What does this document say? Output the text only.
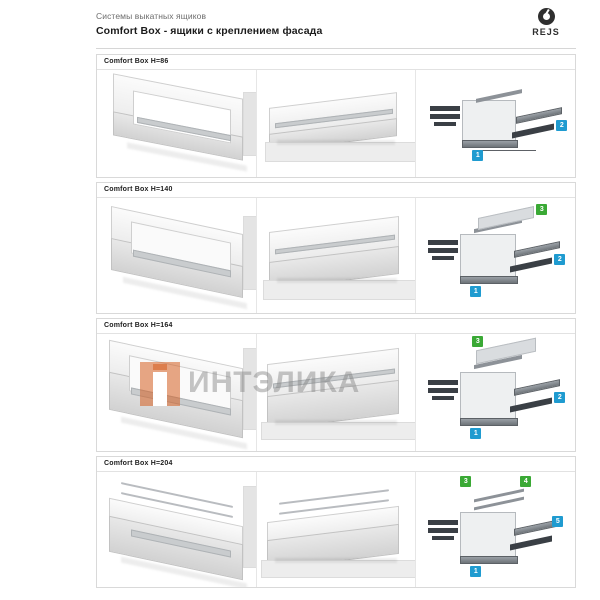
Системы выкатных ящиков
Comfort Box - ящики с креплением фасада	REJS
Comfort Box H=86
1
2
Comfort Box H=140
1
2
3
Comfort Box H=164
1
2
3
Comfort Box H=204
1
3	4
5
ИНТЭЛИКА
